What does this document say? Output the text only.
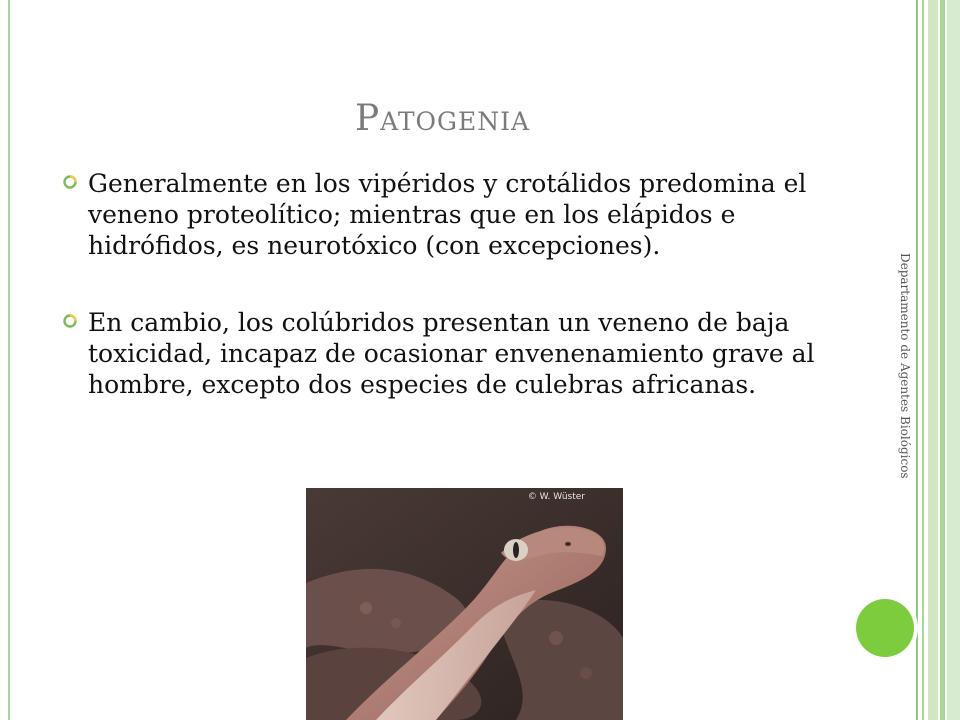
Patogenia
Generalmente en los vipéridos y crotálidos predomina el veneno proteolítico; mientras que en los elápidos e hidrófidos, es neurotóxico (con excepciones).
En cambio, los colúbridos presentan un veneno de baja toxicidad, incapaz de ocasionar envenenamiento grave al hombre, excepto dos especies de culebras africanas.	Departamento de Agentes Biológicos
© W. Wüster
